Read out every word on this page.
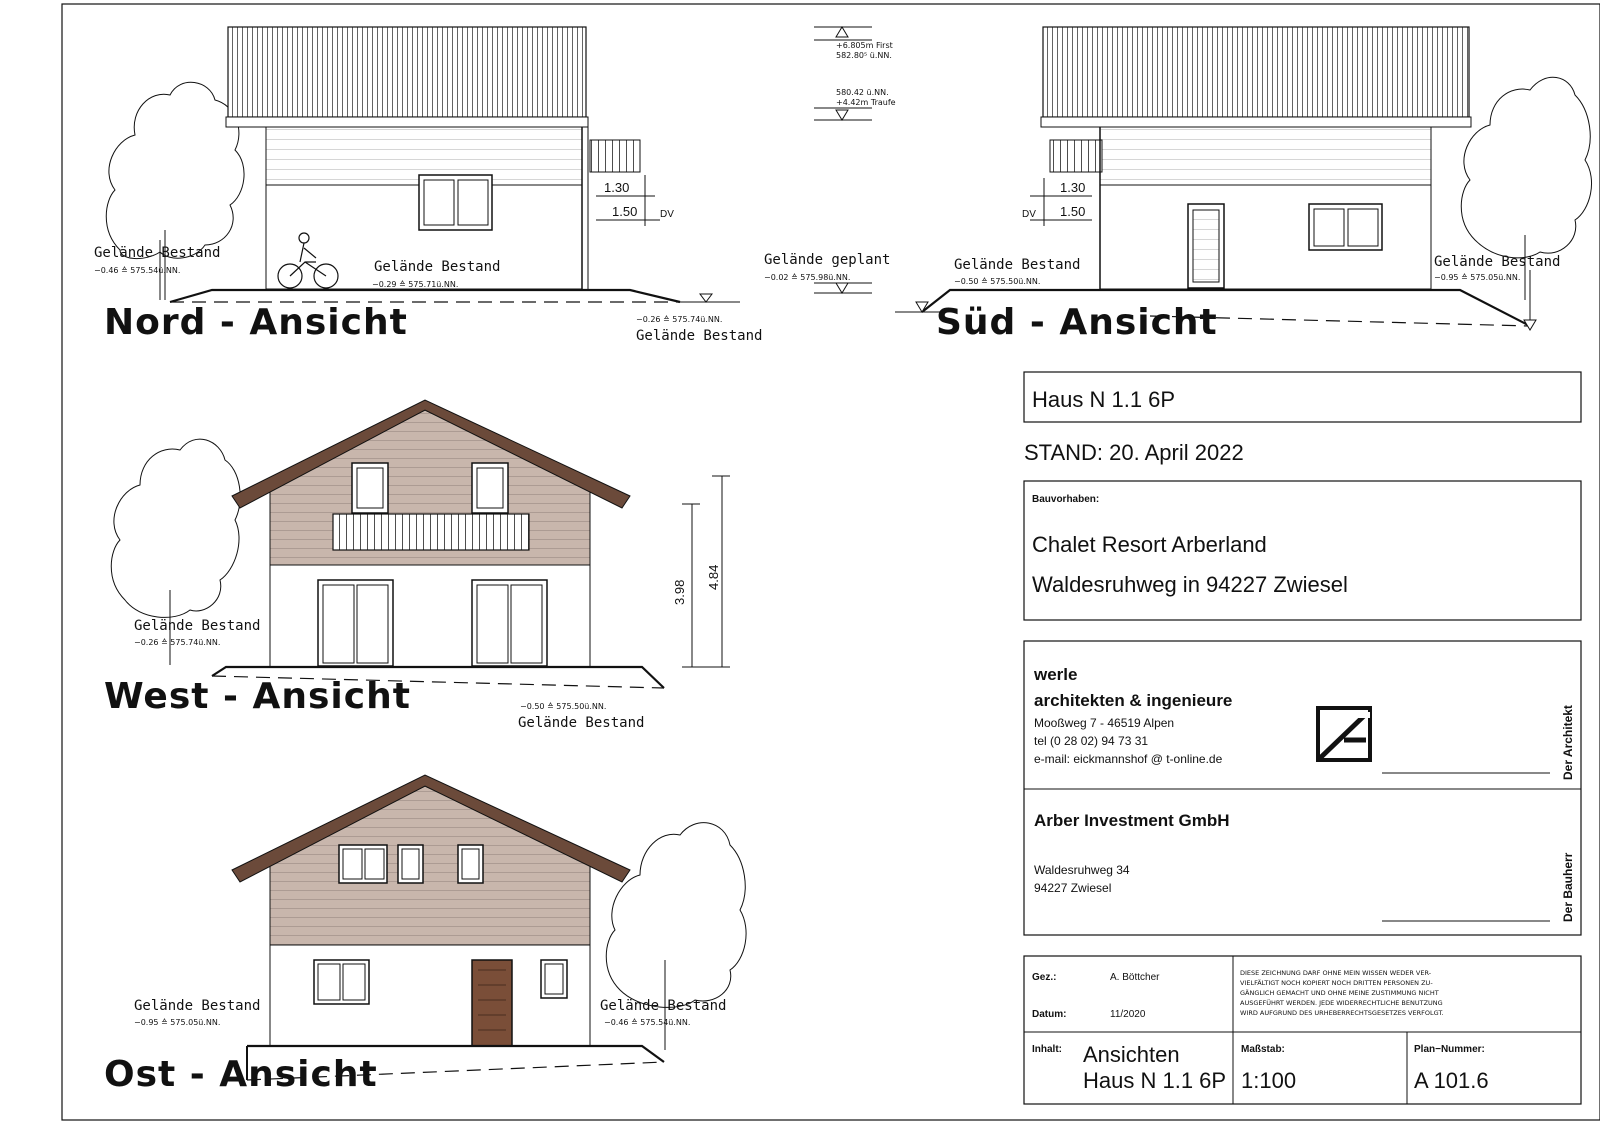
1.30
1.50 DV
Gelände Bestand
−0.46 ≙ 575.54ü.NN.	Gelände Bestand
−0.29 ≙ 575.71ü.NN.
−0.26 ≙ 575.74ü.NN.
Gelände Bestand
Nord - Ansicht
+6.805m First
582.80⁵ ü.NN.
580.42 ü.NN.
+4.42m Traufe
Gelände geplant
−0.02 ≙ 575.98ü.NN.
1.30
1.50
DV
Gelände Bestand
−0.50 ≙ 575.50ü.NN.
Gelände Bestand
−0.95 ≙ 575.05ü.NN.
Süd - Ansicht
3.98
4.84
Gelände Bestand
−0.26 ≙ 575.74ü.NN.
−0.50 ≙ 575.50ü.NN.
Gelände Bestand
West - Ansicht
Gelände Bestand
−0.95 ≙ 575.05ü.NN.
Gelände Bestand
−0.46 ≙ 575.54ü.NN.
Ost - Ansicht
Haus N 1.1 6P
STAND: 20. April 2022
Bauvorhaben:
Chalet Resort Arberland
Waldesruhweg in 94227 Zwiesel
werle
architekten & ingenieure
Mooßweg 7 - 46519 Alpen
tel (0 28 02) 94 73 31
e-mail: eickmannshof @ t-online.de	Der Architekt
Arber Investment GmbH
Waldesruhweg 34
94227 Zwiesel	Der Bauherr
Gez.:	A. Böttcher
Datum:	11/2020
DIESE ZEICHNUNG DARF OHNE MEIN WISSEN WEDER VER-
VIELFÄLTIGT NOCH KOPIERT NOCH DRITTEN PERSONEN ZU-
GÄNGLICH GEMACHT UND OHNE MEINE ZUSTIMMUNG NICHT
AUSGEFÜHRT WERDEN. JEDE WIDERRECHTLICHE BENUTZUNG
WIRD AUFGRUND DES URHEBERRECHTSGESETZES VERFOLGT.
Inhalt: Ansichten
Haus N 1.1 6P
Maßstab:
1:100
Plan−Nummer:
A 101.6
